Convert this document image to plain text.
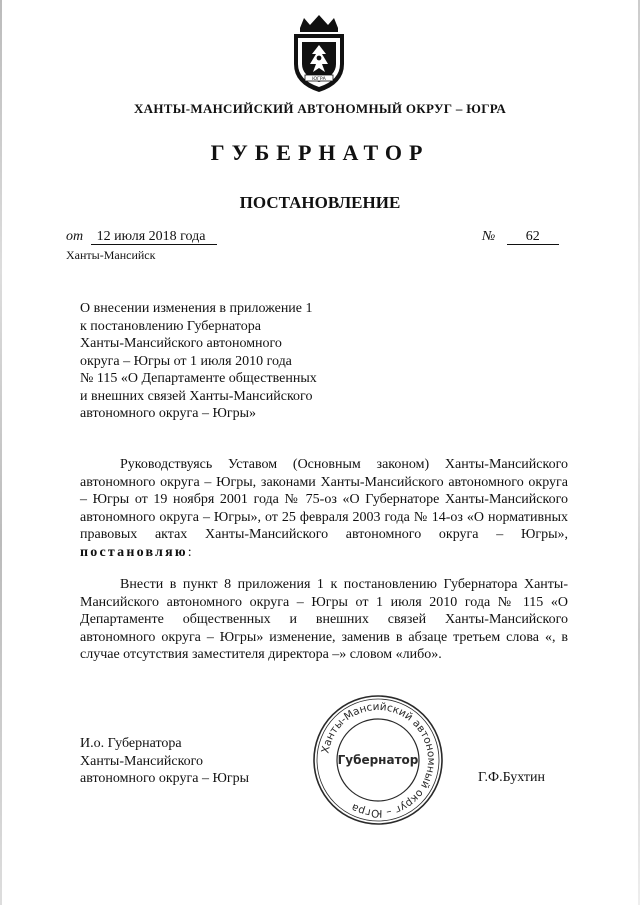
ЮГРА
ХАНТЫ-МАНСИЙСКИЙ АВТОНОМНЫЙ ОКРУГ – ЮГРА
ГУБЕРНАТОР
ПОСТАНОВЛЕНИЕ
от 12 июля 2018 года	№ 62
Ханты-Мансийск
О внесении изменения в приложение 1
к постановлению Губернатора
Ханты-Мансийского автономного
округа – Югры от 1 июля 2010 года
№ 115 «О Департаменте общественных
и внешних связей Ханты-Мансийского
автономного округа – Югры»
Руководствуясь Уставом (Основным законом) Ханты-Мансийского автономного округа – Югры, законами Ханты-Мансийского автономного округа – Югры от 19 ноября 2001 года № 75-оз «О Губернаторе Ханты-Мансийского автономного округа – Югры», от 25 февраля 2003 года № 14-оз «О нормативных правовых актах Ханты-Мансийского автономного округа – Югры», постановляю:
Внести в пункт 8 приложения 1 к постановлению Губернатора Ханты-Мансийского автономного округа – Югры от 1 июля 2010 года № 115 «О Департаменте общественных и внешних связей Ханты-Мансийского автономного округа – Югры» изменение, заменив в абзаце третьем слова «, в случае отсутствия заместителя директора –» словом «либо».
И.о. Губернатора
Ханты-Мансийского
автономного округа – Югры
Ханты-Мансийский автономный округ – Югра
Губернатор
Г.Ф.Бухтин
